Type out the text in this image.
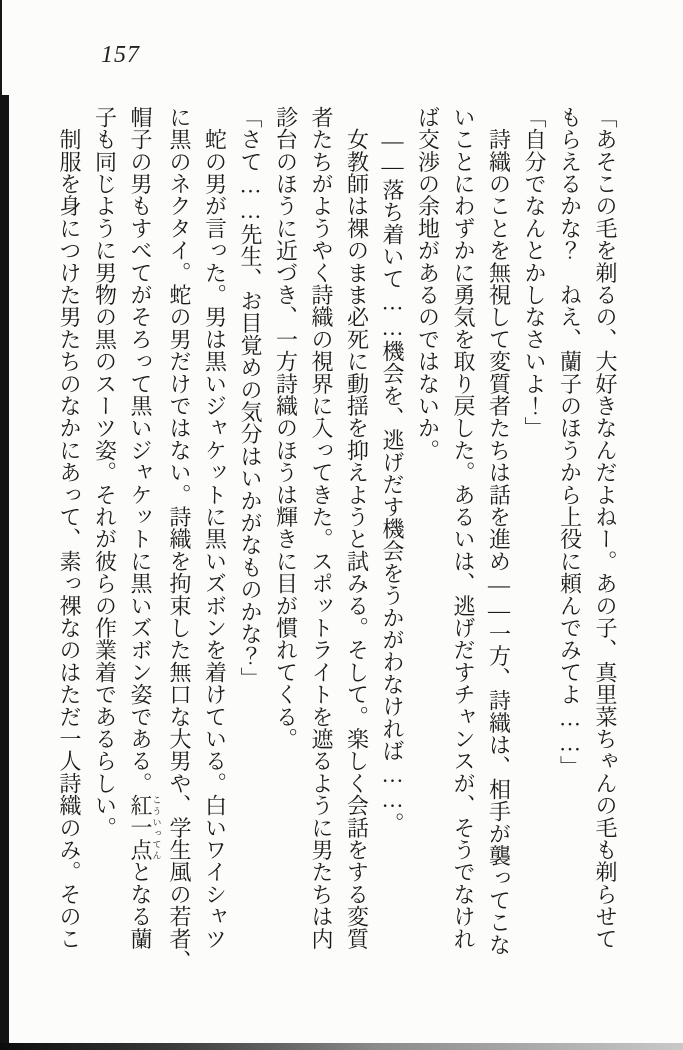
157

「あそこの毛を剃るの、大好きなんだよねー。あの子、真里菜ちゃんの毛も剃らせて

もらえるかな？　ねえ、蘭子のほうから上役に頼んでみてよ……」

「自分でなんとかしなさいよ！」

　詩織のことを無視して変質者たちは話を進め——一方、詩織は、相手が襲ってこな

いことにわずかに勇気を取り戻した。あるいは、逃げだすチャンスが、そうでなけれ

ば交渉の余地があるのではないか。

　——落ち着いて……機会を、逃げだす機会をうかがわなければ……。

　女教師は裸のまま必死に動揺を抑えようと試みる。そして。楽しく会話をする変質

者たちがようやく詩織の視界に入ってきた。スポットライトを遮るように男たちは内

診台のほうに近づき、一方詩織のほうは輝きに目が慣れてくる。

「さて……先生、お目覚めの気分はいかがなものかな？」

　蛇の男が言った。男は黒いジャケットに黒いズボンを着けている。白いワイシャツ

に黒のネクタイ。蛇の男だけではない。詩織を拘束した無口な大男や、学生風の若者、

帽子の男もすべてがそろって黒いジャケットに黒いズボン姿である。紅一点こういってんとなる蘭

子も同じように男物の黒のスーツ姿。それが彼らの作業着であるらしい。

　制服を身につけた男たちのなかにあって、素っ裸なのはただ一人詩織のみ。そのこ
